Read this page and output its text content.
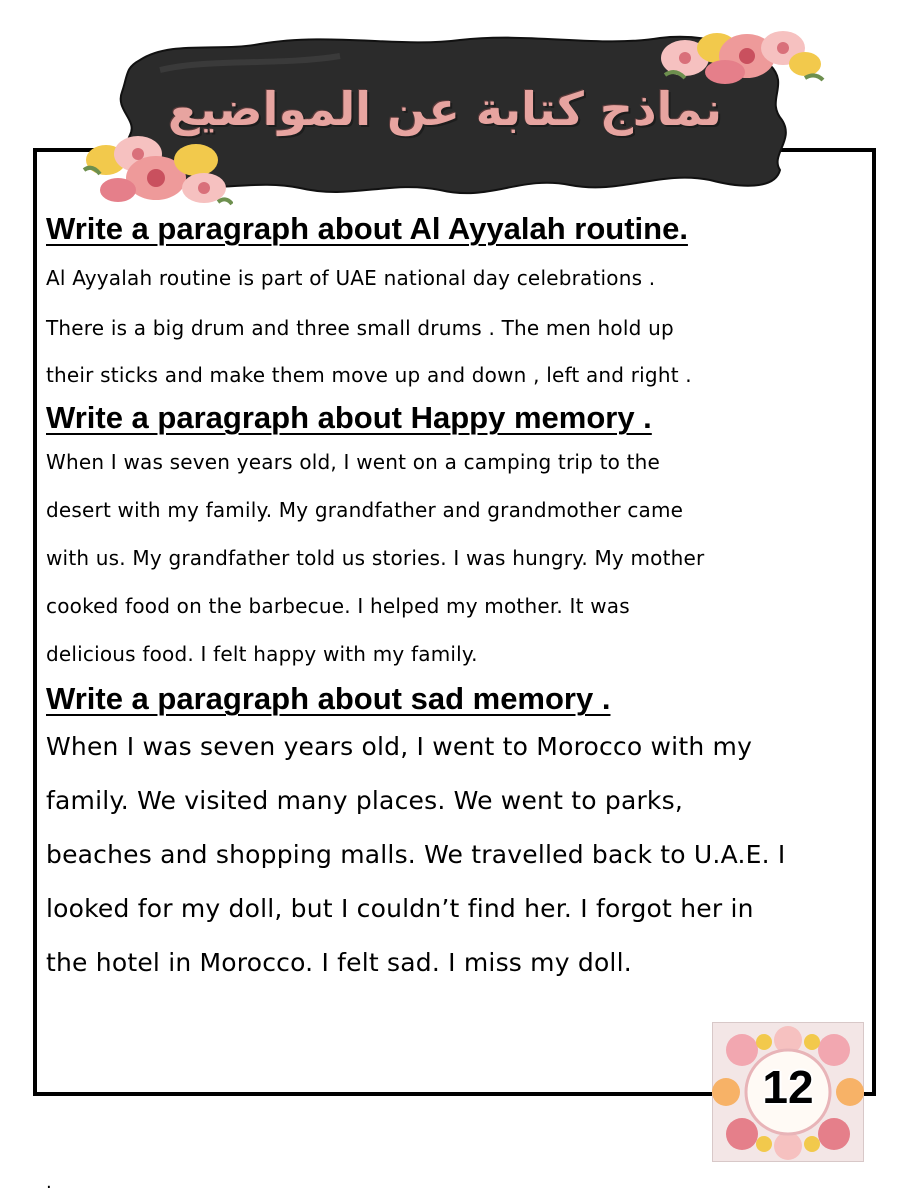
نماذج كتابة عن المواضيع
Write a paragraph about Al Ayyalah routine.
Al Ayyalah routine is part of UAE national day celebrations .
There is a big drum and three small drums . The men hold up
their sticks and make them move up and down , left and right .
Write a paragraph about Happy memory .
When I was seven years old, I went on a camping trip to the
desert with my family. My grandfather and grandmother came
with us. My grandfather told us stories. I was hungry. My mother
cooked food on the barbecue. I helped my mother. It was
delicious food. I felt happy with my family.
Write a paragraph about sad memory .
When I was seven years old, I went to Morocco with my
family. We visited many places. We went to parks,
beaches and shopping malls. We travelled back to U.A.E. I
looked for my doll, but I couldn’t find her. I forgot her in
the hotel in Morocco. I felt sad. I miss my doll.
12
.
